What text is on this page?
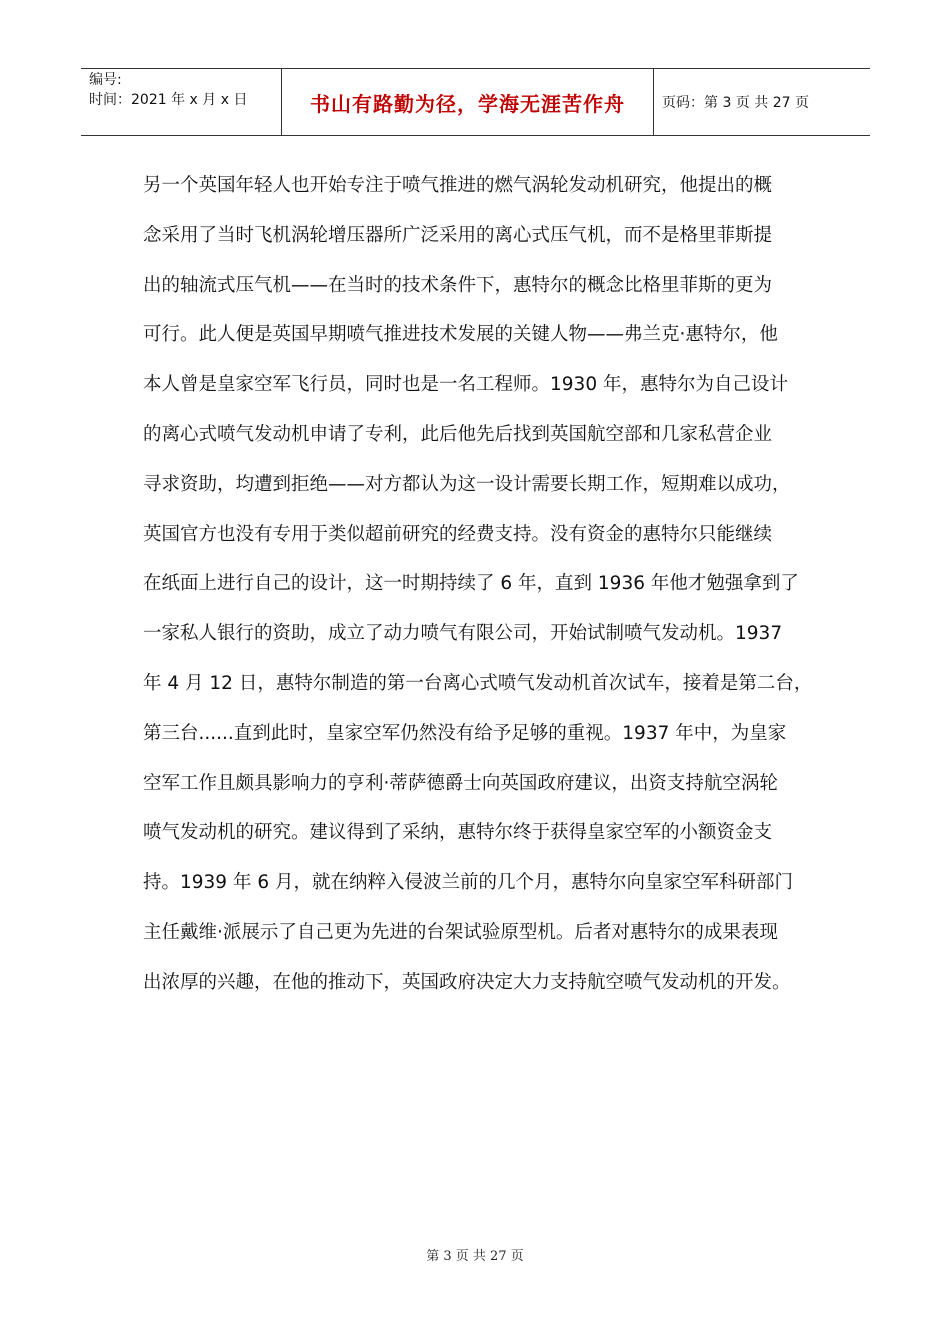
编号:
时间：2021 年 x 月 x 日	书山有路勤为径，学海无涯苦作舟	页码：第 3 页 共 27 页
另一个英国年轻人也开始专注于喷气推进的燃气涡轮发动机研究，他提出的概
念采用了当时飞机涡轮增压器所广泛采用的离心式压气机，而不是格里菲斯提
出的轴流式压气机——在当时的技术条件下，惠特尔的概念比格里菲斯的更为
可行。此人便是英国早期喷气推进技术发展的关键人物——弗兰克·惠特尔，他
本人曾是皇家空军飞行员，同时也是一名工程师。1930 年，惠特尔为自己设计
的离心式喷气发动机申请了专利，此后他先后找到英国航空部和几家私营企业
寻求资助，均遭到拒绝——对方都认为这一设计需要长期工作，短期难以成功，
英国官方也没有专用于类似超前研究的经费支持。没有资金的惠特尔只能继续
在纸面上进行自己的设计，这一时期持续了 6 年，直到 1936 年他才勉强拿到了
一家私人银行的资助，成立了动力喷气有限公司，开始试制喷气发动机。1937
年 4 月 12 日，惠特尔制造的第一台离心式喷气发动机首次试车，接着是第二台，
第三台......直到此时，皇家空军仍然没有给予足够的重视。1937 年中，为皇家
空军工作且颇具影响力的亨利·蒂萨德爵士向英国政府建议，出资支持航空涡轮
喷气发动机的研究。建议得到了采纳，惠特尔终于获得皇家空军的小额资金支
持。1939 年 6 月，就在纳粹入侵波兰前的几个月，惠特尔向皇家空军科研部门
主任戴维·派展示了自己更为先进的台架试验原型机。后者对惠特尔的成果表现
出浓厚的兴趣，在他的推动下，英国政府决定大力支持航空喷气发动机的开发。
第 3 页 共 27 页
